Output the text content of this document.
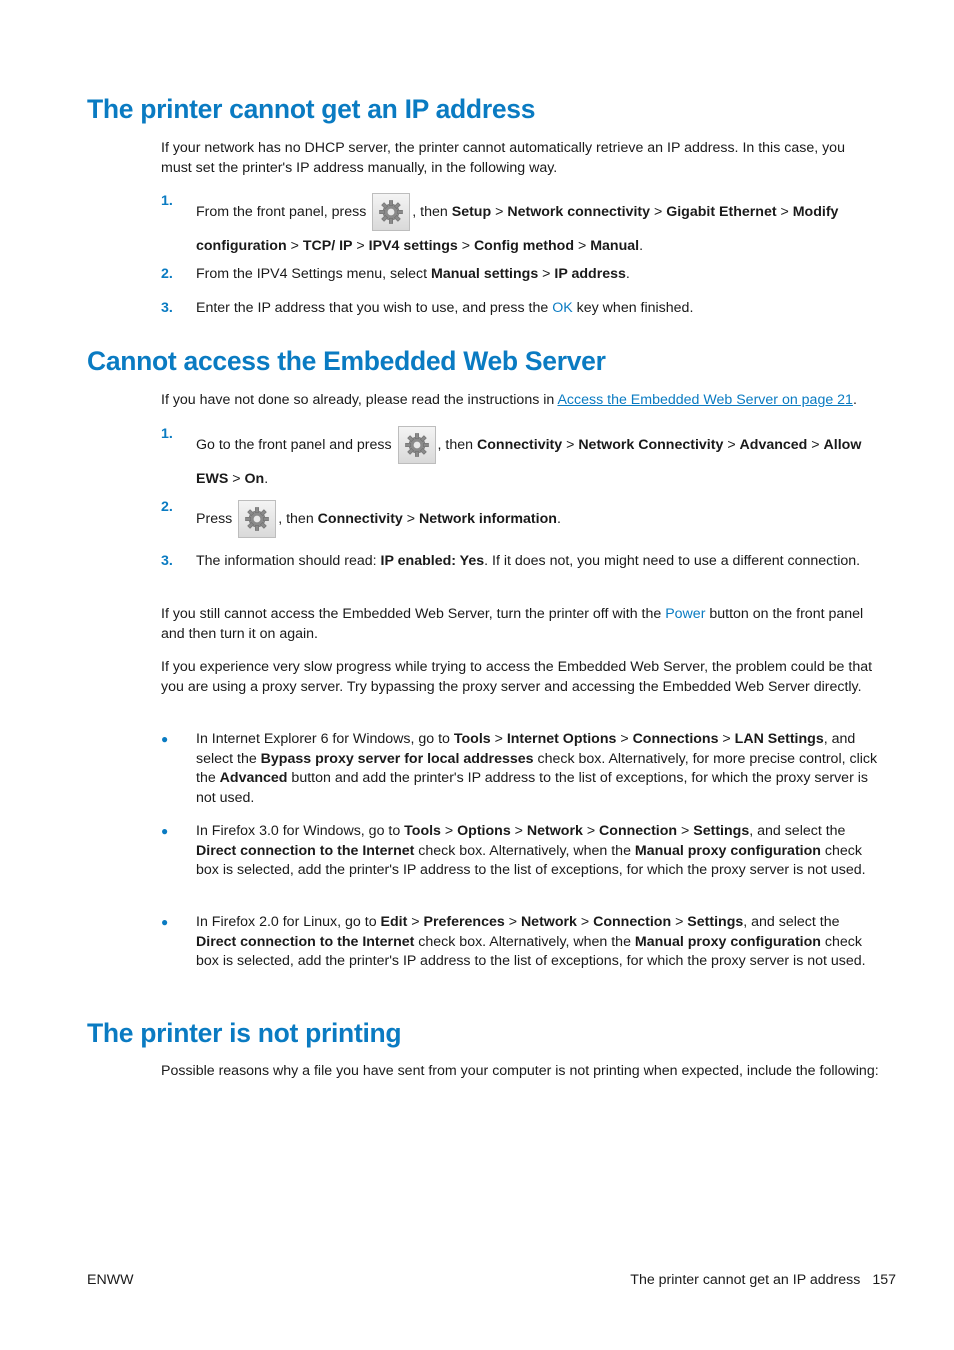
The printer cannot get an IP address

If your network has no DHCP server, the printer cannot automatically retrieve an IP address. In this case, you must set the printer's IP address manually, in the following way.

1.
From the front panel, press	, then Setup > Network connectivity > Gigabit Ethernet > Modify configuration > TCP/ IP > IPV4 settings > Config method > Manual.
2. From the IPV4 Settings menu, select Manual settings > IP address.
3. Enter the IP address that you wish to use, and press the OK key when finished.
Cannot access the Embedded Web Server

If you have not done so already, please read the instructions in Access the Embedded Web Server on page 21.

1.
Go to the front panel and press	, then Connectivity > Network Connectivity > Advanced > Allow EWS > On.
2.
Press	, then Connectivity > Network information.
3. The information should read: IP enabled: Yes. If it does not, you might need to use a different connection.

If you still cannot access the Embedded Web Server, turn the printer off with the Power button on the front panel and then turn it on again.

If you experience very slow progress while trying to access the Embedded Web Server, the problem could be that you are using a proxy server. Try bypassing the proxy server and accessing the Embedded Web Server directly.

● In Internet Explorer 6 for Windows, go to Tools > Internet Options > Connections > LAN Settings, and select the Bypass proxy server for local addresses check box. Alternatively, for more precise control, click the Advanced button and add the printer's IP address to the list of exceptions, for which the proxy server is not used.
● In Firefox 3.0 for Windows, go to Tools > Options > Network > Connection > Settings, and select the Direct connection to the Internet check box. Alternatively, when the Manual proxy configuration check box is selected, add the printer's IP address to the list of exceptions, for which the proxy server is not used.
● In Firefox 2.0 for Linux, go to Edit > Preferences > Network > Connection > Settings, and select the Direct connection to the Internet check box. Alternatively, when the Manual proxy configuration check box is selected, add the printer's IP address to the list of exceptions, for which the proxy server is not used.
The printer is not printing

Possible reasons why a file you have sent from your computer is not printing when expected, include the following:

ENWW	The printer cannot get an IP address 157
